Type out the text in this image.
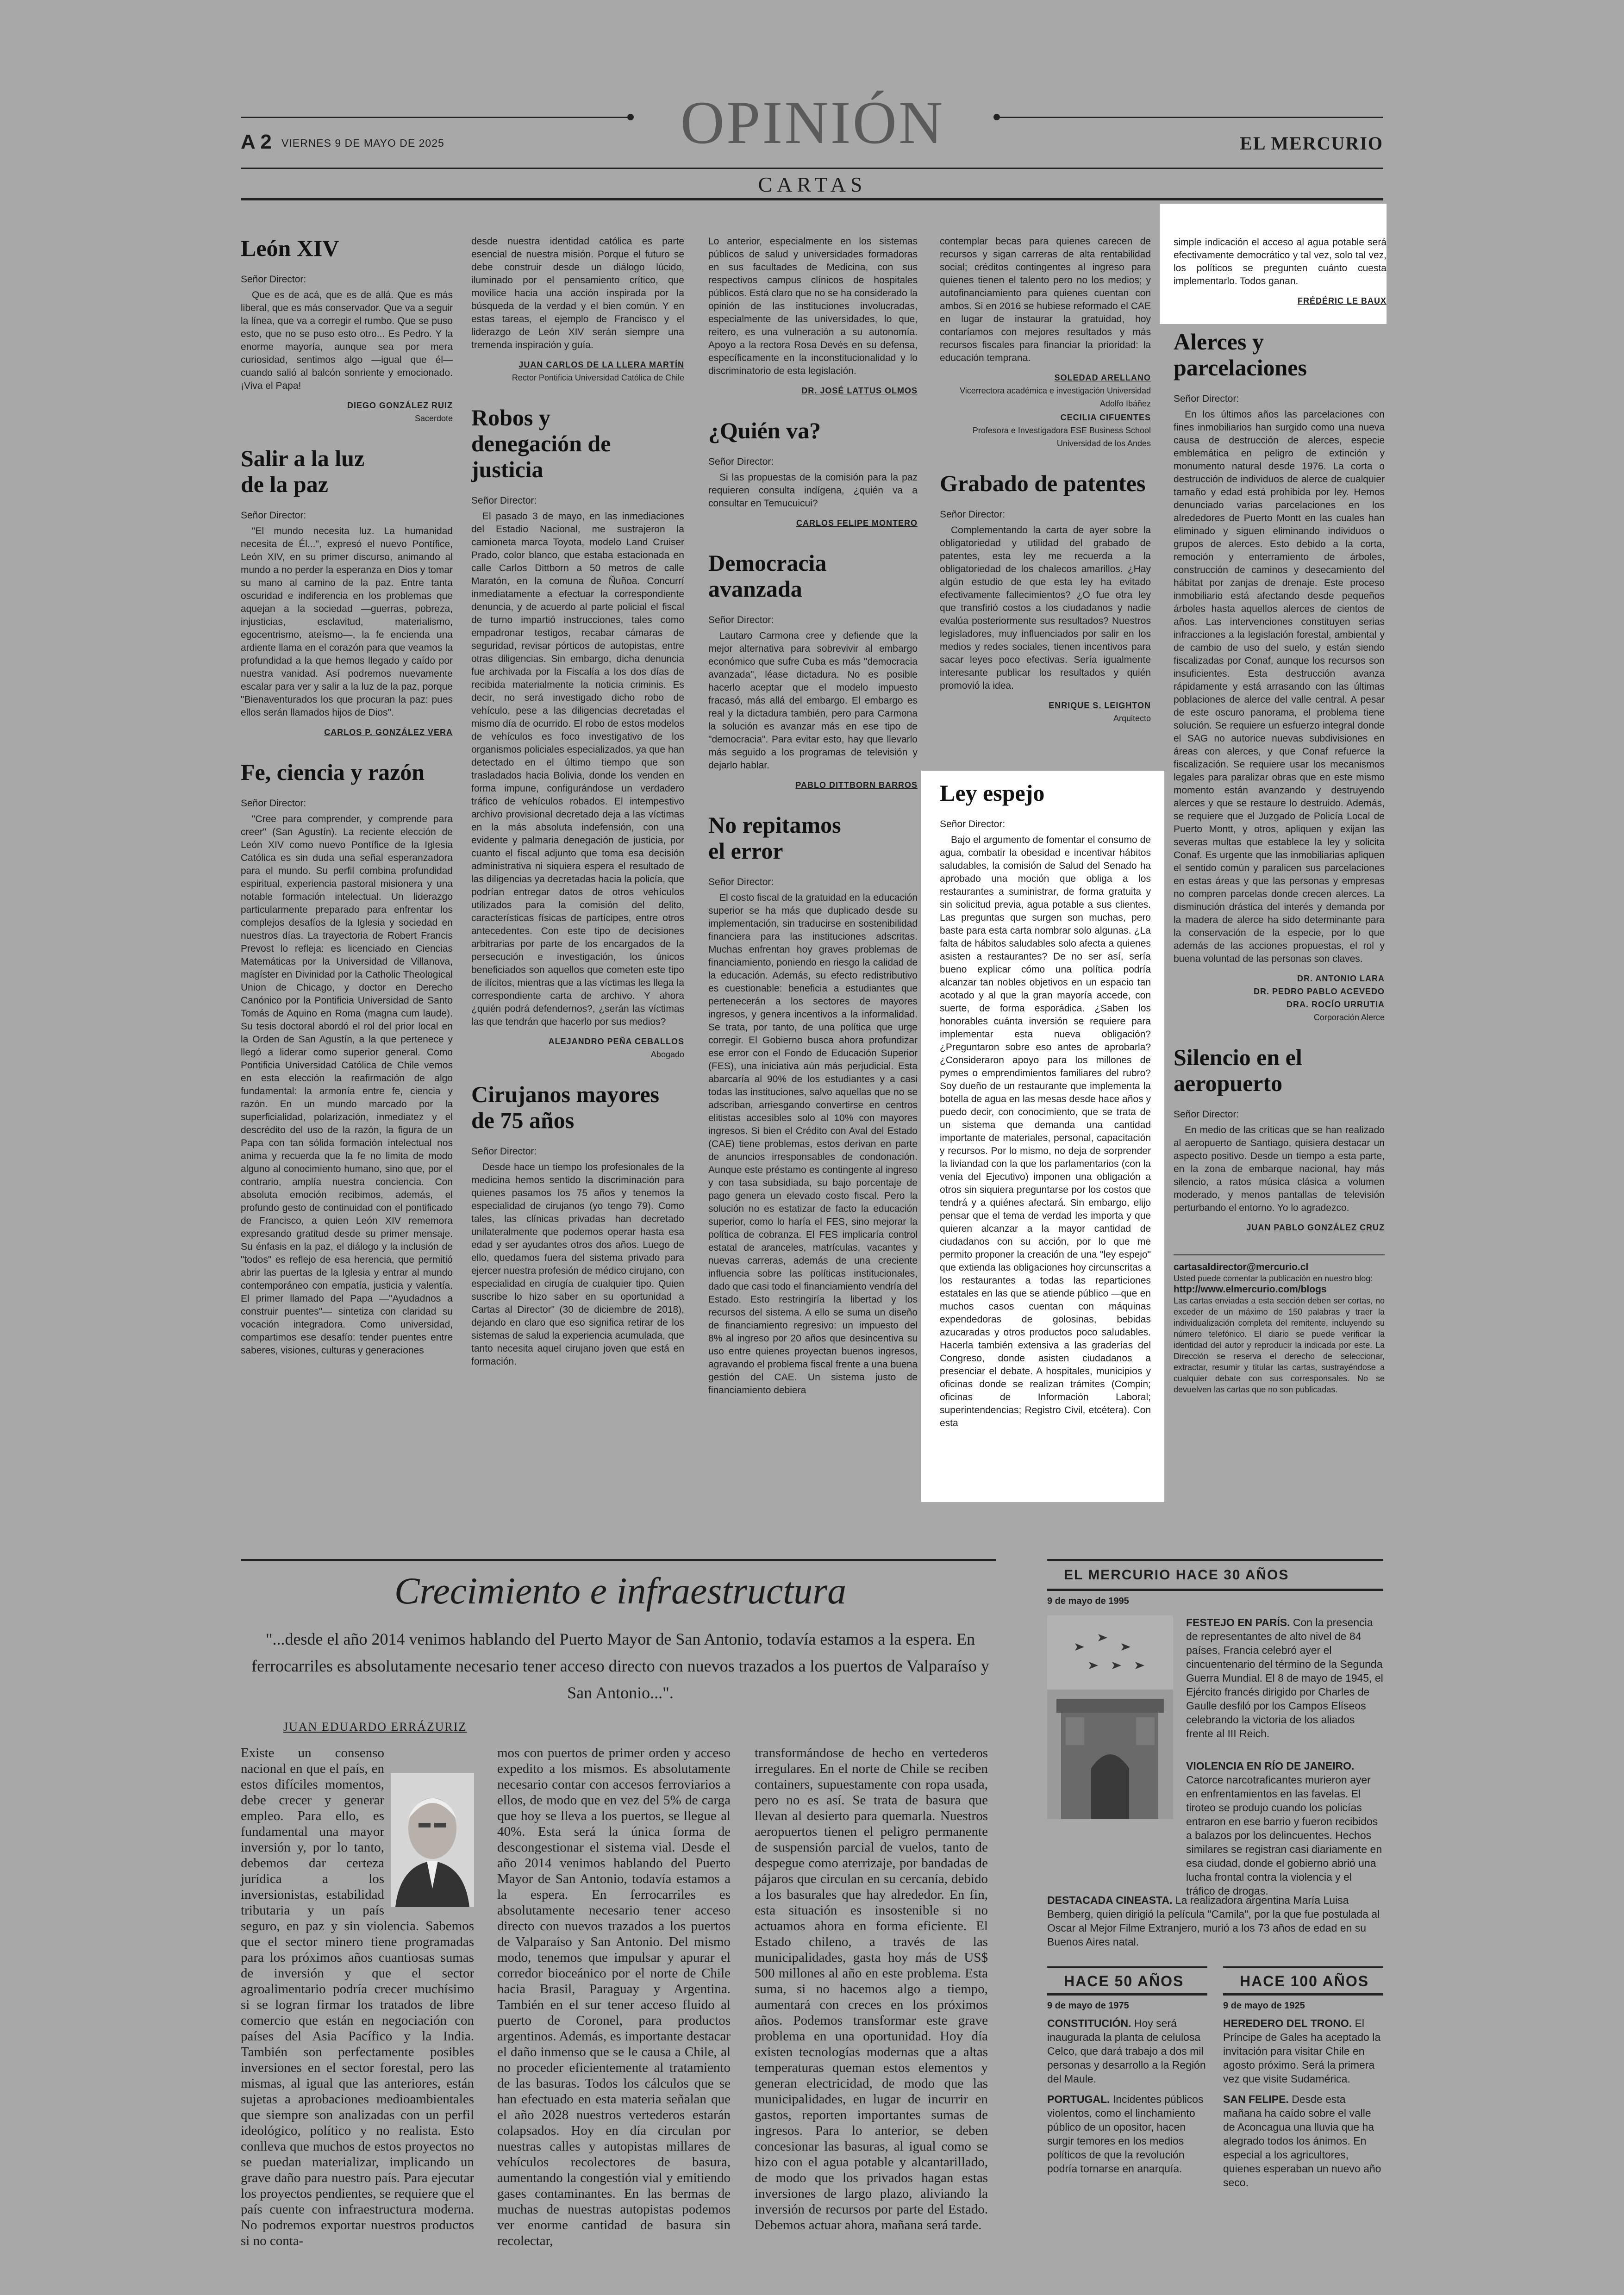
OPINIÓN
A 2 VIERNES 9 DE MAYO DE 2025	EL MERCURIO
CARTAS
León XIV

Señor Director:

Que es de acá, que es de allá. Que es más liberal, que es más conservador. Que va a seguir la línea, que va a corregir el rumbo. Que se puso esto, que no se puso esto otro... Es Pedro. Y la enorme mayoría, aunque sea por mera curiosidad, sentimos algo —igual que él— cuando salió al balcón sonriente y emocionado. ¡Viva el Papa!

DIEGO GONZÁLEZ RUIZ

Sacerdote

Salir a la luz de la paz

Señor Director:

"El mundo necesita luz. La humanidad necesita de Él...", expresó el nuevo Pontífice, León XIV, en su primer discurso, animando al mundo a no perder la esperanza en Dios y tomar su mano al camino de la paz. Entre tanta oscuridad e indiferencia en los problemas que aquejan a la sociedad —guerras, pobreza, injusticias, esclavitud, materialismo, egocentrismo, ateísmo—, la fe encienda una ardiente llama en el corazón para que veamos la profundidad a la que hemos llegado y caído por nuestra vanidad. Así podremos nuevamente escalar para ver y salir a la luz de la paz, porque "Bienaventurados los que procuran la paz: pues ellos serán llamados hijos de Dios".

CARLOS P. GONZÁLEZ VERA

Fe, ciencia y razón

Señor Director:

"Cree para comprender, y comprende para creer" (San Agustín). La reciente elección de León XIV como nuevo Pontífice de la Iglesia Católica es sin duda una señal esperanzadora para el mundo. Su perfil combina profundidad espiritual, experiencia pastoral misionera y una notable formación intelectual. Un liderazgo particularmente preparado para enfrentar los complejos desafíos de la Iglesia y sociedad en nuestros días. La trayectoria de Robert Francis Prevost lo refleja: es licenciado en Ciencias Matemáticas por la Universidad de Villanova, magíster en Divinidad por la Catholic Theological Union de Chicago, y doctor en Derecho Canónico por la Pontificia Universidad de Santo Tomás de Aquino en Roma (magna cum laude). Su tesis doctoral abordó el rol del prior local en la Orden de San Agustín, a la que pertenece y llegó a liderar como superior general. Como Pontificia Universidad Católica de Chile vemos en esta elección la reafirmación de algo fundamental: la armonía entre fe, ciencia y razón. En un mundo marcado por la superficialidad, polarización, inmediatez y el descrédito del uso de la razón, la figura de un Papa con tan sólida formación intelectual nos anima y recuerda que la fe no limita de modo alguno al conocimiento humano, sino que, por el contrario, amplía nuestra conciencia. Con absoluta emoción recibimos, además, el profundo gesto de continuidad con el pontificado de Francisco, a quien León XIV rememora expresando gratitud desde su primer mensaje. Su énfasis en la paz, el diálogo y la inclusión de "todos" es reflejo de esa herencia, que permitió abrir las puertas de la Iglesia y entrar al mundo contemporáneo con empatía, justicia y valentía. El primer llamado del Papa —"Ayudadnos a construir puentes"— sintetiza con claridad su vocación integradora. Como universidad, compartimos ese desafío: tender puentes entre saberes, visiones, culturas y generaciones

desde nuestra identidad católica es parte esencial de nuestra misión. Porque el futuro se debe construir desde un diálogo lúcido, iluminado por el pensamiento crítico, que movilice hacia una acción inspirada por la búsqueda de la verdad y el bien común. Y en estas tareas, el ejemplo de Francisco y el liderazgo de León XIV serán siempre una tremenda inspiración y guía.

JUAN CARLOS DE LA LLERA MARTÍN

Rector Pontificia Universidad Católica de Chile

Robos y denegación de justicia

Señor Director:

El pasado 3 de mayo, en las inmediaciones del Estadio Nacional, me sustrajeron la camioneta marca Toyota, modelo Land Cruiser Prado, color blanco, que estaba estacionada en calle Carlos Dittborn a 50 metros de calle Maratón, en la comuna de Ñuñoa. Concurrí inmediatamente a efectuar la correspondiente denuncia, y de acuerdo al parte policial el fiscal de turno impartió instrucciones, tales como empadronar testigos, recabar cámaras de seguridad, revisar pórticos de autopistas, entre otras diligencias. Sin embargo, dicha denuncia fue archivada por la Fiscalía a los dos días de recibida materialmente la noticia criminis. Es decir, no será investigado dicho robo de vehículo, pese a las diligencias decretadas el mismo día de ocurrido. El robo de estos modelos de vehículos es foco investigativo de los organismos policiales especializados, ya que han detectado en el último tiempo que son trasladados hacia Bolivia, donde los venden en forma impune, configurándose un verdadero tráfico de vehículos robados. El intempestivo archivo provisional decretado deja a las víctimas en la más absoluta indefensión, con una evidente y palmaria denegación de justicia, por cuanto el fiscal adjunto que toma esa decisión administrativa ni siquiera espera el resultado de las diligencias ya decretadas hacia la policía, que podrían entregar datos de otros vehículos utilizados para la comisión del delito, características físicas de partícipes, entre otros antecedentes. Con este tipo de decisiones arbitrarias por parte de los encargados de la persecución e investigación, los únicos beneficiados son aquellos que cometen este tipo de ilícitos, mientras que a las víctimas les llega la correspondiente carta de archivo. Y ahora ¿quién podrá defendernos?, ¿serán las víctimas las que tendrán que hacerlo por sus medios?

ALEJANDRO PEÑA CEBALLOS

Abogado

Cirujanos mayores de 75 años

Señor Director:

Desde hace un tiempo los profesionales de la medicina hemos sentido la discriminación para quienes pasamos los 75 años y tenemos la especialidad de cirujanos (yo tengo 79). Como tales, las clínicas privadas han decretado unilateralmente que podemos operar hasta esa edad y ser ayudantes otros dos años. Luego de ello, quedamos fuera del sistema privado para ejercer nuestra profesión de médico cirujano, con especialidad en cirugía de cualquier tipo. Quien suscribe lo hizo saber en su oportunidad a Cartas al Director" (30 de diciembre de 2018), dejando en claro que eso significa retirar de los sistemas de salud la experiencia acumulada, que tanto necesita aquel cirujano joven que está en formación.

Lo anterior, especialmente en los sistemas públicos de salud y universidades formadoras en sus facultades de Medicina, con sus respectivos campus clínicos de hospitales públicos. Está claro que no se ha considerado la opinión de las instituciones involucradas, especialmente de las universidades, lo que, reitero, es una vulneración a su autonomía. Apoyo a la rectora Rosa Devés en su defensa, específicamente en la inconstitucionalidad y lo discriminatorio de esta legislación.

DR. JOSÉ LATTUS OLMOS

¿Quién va?

Señor Director:

Si las propuestas de la comisión para la paz requieren consulta indígena, ¿quién va a consultar en Temucuicui?

CARLOS FELIPE MONTERO

Democracia avanzada

Señor Director:

Lautaro Carmona cree y defiende que la mejor alternativa para sobrevivir al embargo económico que sufre Cuba es más "democracia avanzada", léase dictadura. No es posible hacerlo aceptar que el modelo impuesto fracasó, más allá del embargo. El embargo es real y la dictadura también, pero para Carmona la solución es avanzar más en ese tipo de "democracia". Para evitar esto, hay que llevarlo más seguido a los programas de televisión y dejarlo hablar.

PABLO DITTBORN BARROS

No repitamos el error

Señor Director:

El costo fiscal de la gratuidad en la educación superior se ha más que duplicado desde su implementación, sin traducirse en sostenibilidad financiera para las instituciones adscritas. Muchas enfrentan hoy graves problemas de financiamiento, poniendo en riesgo la calidad de la educación. Además, su efecto redistributivo es cuestionable: beneficia a estudiantes que pertenecerán a los sectores de mayores ingresos, y genera incentivos a la informalidad. Se trata, por tanto, de una política que urge corregir. El Gobierno busca ahora profundizar ese error con el Fondo de Educación Superior (FES), una iniciativa aún más perjudicial. Esta abarcaría al 90% de los estudiantes y a casi todas las instituciones, salvo aquellas que no se adscriban, arriesgando convertirse en centros elitistas accesibles solo al 10% con mayores ingresos. Si bien el Crédito con Aval del Estado (CAE) tiene problemas, estos derivan en parte de anuncios irresponsables de condonación. Aunque este préstamo es contingente al ingreso y con tasa subsidiada, su bajo porcentaje de pago genera un elevado costo fiscal. Pero la solución no es estatizar de facto la educación superior, como lo haría el FES, sino mejorar la política de cobranza. El FES implicaría control estatal de aranceles, matrículas, vacantes y nuevas carreras, además de una creciente influencia sobre las políticas institucionales, dado que casi todo el financiamiento vendría del Estado. Esto restringiría la libertad y los recursos del sistema. A ello se suma un diseño de financiamiento regresivo: un impuesto del 8% al ingreso por 20 años que desincentiva su uso entre quienes proyectan buenos ingresos, agravando el problema fiscal frente a una buena gestión del CAE. Un sistema justo de financiamiento debiera

contemplar becas para quienes carecen de recursos y sigan carreras de alta rentabilidad social; créditos contingentes al ingreso para quienes tienen el talento pero no los medios; y autofinanciamiento para quienes cuentan con ambos. Si en 2016 se hubiese reformado el CAE en lugar de instaurar la gratuidad, hoy contaríamos con mejores resultados y más recursos fiscales para financiar la prioridad: la educación temprana.

SOLEDAD ARELLANO

Vicerrectora académica e investigación Universidad Adolfo Ibáñez

CECILIA CIFUENTES

Profesora e Investigadora ESE Business School Universidad de los Andes

Grabado de patentes

Señor Director:

Complementando la carta de ayer sobre la obligatoriedad y utilidad del grabado de patentes, esta ley me recuerda a la obligatoriedad de los chalecos amarillos. ¿Hay algún estudio de que esta ley ha evitado efectivamente fallecimientos? ¿O fue otra ley que transfirió costos a los ciudadanos y nadie evalúa posteriormente sus resultados? Nuestros legisladores, muy influenciados por salir en los medios y redes sociales, tienen incentivos para sacar leyes poco efectivas. Sería igualmente interesante publicar los resultados y quién promovió la idea.

ENRIQUE S. LEIGHTON

Arquitecto

Ley espejo

Señor Director:

Bajo el argumento de fomentar el consumo de agua, combatir la obesidad e incentivar hábitos saludables, la comisión de Salud del Senado ha aprobado una moción que obliga a los restaurantes a suministrar, de forma gratuita y sin solicitud previa, agua potable a sus clientes. Las preguntas que surgen son muchas, pero baste para esta carta nombrar solo algunas. ¿La falta de hábitos saludables solo afecta a quienes asisten a restaurantes? De no ser así, sería bueno explicar cómo una política podría alcanzar tan nobles objetivos en un espacio tan acotado y al que la gran mayoría accede, con suerte, de forma esporádica. ¿Saben los honorables cuánta inversión se requiere para implementar esta nueva obligación? ¿Preguntaron sobre eso antes de aprobarla? ¿Consideraron apoyo para los millones de pymes o emprendimientos familiares del rubro? Soy dueño de un restaurante que implementa la botella de agua en las mesas desde hace años y puedo decir, con conocimiento, que se trata de un sistema que demanda una cantidad importante de materiales, personal, capacitación y recursos. Por lo mismo, no deja de sorprender la liviandad con la que los parlamentarios (con la venia del Ejecutivo) imponen una obligación a otros sin siquiera preguntarse por los costos que tendrá y a quiénes afectará. Sin embargo, elijo pensar que el tema de verdad les importa y que quieren alcanzar a la mayor cantidad de ciudadanos con su acción, por lo que me permito proponer la creación de una "ley espejo" que extienda las obligaciones hoy circunscritas a los restaurantes a todas las reparticiones estatales en las que se atiende público —que en muchos casos cuentan con máquinas expendedoras de golosinas, bebidas azucaradas y otros productos poco saludables. Hacerla también extensiva a las graderías del Congreso, donde asisten ciudadanos a presenciar el debate. A hospitales, municipios y oficinas donde se realizan trámites (Compin; oficinas de Información Laboral; superintendencias; Registro Civil, etcétera). Con esta

simple indicación el acceso al agua potable será efectivamente democrático y tal vez, solo tal vez, los políticos se pregunten cuánto cuesta implementarlo. Todos ganan.

FRÉDÉRIC LE BAUX

Alerces y parcelaciones

Señor Director:

En los últimos años las parcelaciones con fines inmobiliarios han surgido como una nueva causa de destrucción de alerces, especie emblemática en peligro de extinción y monumento natural desde 1976. La corta o destrucción de individuos de alerce de cualquier tamaño y edad está prohibida por ley. Hemos denunciado varias parcelaciones en los alrededores de Puerto Montt en las cuales han eliminado y siguen eliminando individuos o grupos de alerces. Esto debido a la corta, remoción y enterramiento de árboles, construcción de caminos y desecamiento del hábitat por zanjas de drenaje. Este proceso inmobiliario está afectando desde pequeños árboles hasta aquellos alerces de cientos de años. Las intervenciones constituyen serias infracciones a la legislación forestal, ambiental y de cambio de uso del suelo, y están siendo fiscalizadas por Conaf, aunque los recursos son insuficientes. Esta destrucción avanza rápidamente y está arrasando con las últimas poblaciones de alerce del valle central. A pesar de este oscuro panorama, el problema tiene solución. Se requiere un esfuerzo integral donde el SAG no autorice nuevas subdivisiones en áreas con alerces, y que Conaf refuerce la fiscalización. Se requiere usar los mecanismos legales para paralizar obras que en este mismo momento están avanzando y destruyendo alerces y que se restaure lo destruido. Además, se requiere que el Juzgado de Policía Local de Puerto Montt, y otros, apliquen y exijan las severas multas que establece la ley y solicita Conaf. Es urgente que las inmobiliarias apliquen el sentido común y paralicen sus parcelaciones en estas áreas y que las personas y empresas no compren parcelas donde crecen alerces. La disminución drástica del interés y demanda por la madera de alerce ha sido determinante para la conservación de la especie, por lo que además de las acciones propuestas, el rol y buena voluntad de las personas son claves.

DR. ANTONIO LARA

DR. PEDRO PABLO ACEVEDO

DRA. ROCÍO URRUTIA

Corporación Alerce

Silencio en el aeropuerto

Señor Director:

En medio de las críticas que se han realizado al aeropuerto de Santiago, quisiera destacar un aspecto positivo. Desde un tiempo a esta parte, en la zona de embarque nacional, hay más silencio, a ratos música clásica a volumen moderado, y menos pantallas de televisión perturbando el entorno. Yo lo agradezco.

JUAN PABLO GONZÁLEZ CRUZ

cartasaldirector@mercurio.cl
Usted puede comentar la publicación en nuestro blog:
http://www.elmercurio.com/blogs
Las cartas enviadas a esta sección deben ser cortas, no exceder de un máximo de 150 palabras y traer la individualización completa del remitente, incluyendo su número telefónico. El diario se puede verificar la identidad del autor y reproducir la indicada por este. La Dirección se reserva el derecho de seleccionar, extractar, resumir y titular las cartas, sustrayéndose a cualquier debate con sus corresponsales. No se devuelven las cartas que no son publicadas.
Crecimiento e infraestructura
"...desde el año 2014 venimos hablando del Puerto Mayor de San Antonio, todavía estamos a la espera. En ferrocarriles es absolutamente necesario tener acceso directo con nuevos trazados a los puertos de Valparaíso y San Antonio...".
JUAN EDUARDO ERRÁZURIZ
Existe un consenso nacional en que el país, en estos difíciles momentos, debe crecer y generar empleo. Para ello, es fundamental una mayor inversión y, por lo tanto, debemos dar certeza jurídica a los inversionistas, estabilidad tributaria y un país seguro, en paz y sin violencia. Sabemos que el sector minero tiene programadas para los próximos años cuantiosas sumas de inversión y que el sector agroalimentario podría crecer muchísimo si se logran firmar los tratados de libre comercio que están en negociación con países del Asia Pacífico y la India. También son perfectamente posibles inversiones en el sector forestal, pero las mismas, al igual que las anteriores, están sujetas a aprobaciones medioambientales que siempre son analizadas con un perfil ideológico, político y no realista. Esto conlleva que muchos de estos proyectos no se puedan materializar, implicando un grave daño para nuestro país. Para ejecutar los proyectos pendientes, se requiere que el país cuente con infraestructura moderna. No podremos exportar nuestros productos si no conta-
mos con puertos de primer orden y acceso expedito a los mismos. Es absolutamente necesario contar con accesos ferroviarios a ellos, de modo que en vez del 5% de carga que hoy se lleva a los puertos, se llegue al 40%. Esta será la única forma de descongestionar el sistema vial. Desde el año 2014 venimos hablando del Puerto Mayor de San Antonio, todavía estamos a la espera. En ferrocarriles es absolutamente necesario tener acceso directo con nuevos trazados a los puertos de Valparaíso y San Antonio. Del mismo modo, tenemos que impulsar y apurar el corredor bioceánico por el norte de Chile hacia Brasil, Paraguay y Argentina. También en el sur tener acceso fluido al puerto de Coronel, para productos argentinos. Además, es importante destacar el daño inmenso que se le causa a Chile, al no proceder eficientemente al tratamiento de las basuras. Todos los cálculos que se han efectuado en esta materia señalan que el año 2028 nuestros vertederos estarán colapsados. Hoy en día circulan por nuestras calles y autopistas millares de vehículos recolectores de basura, aumentando la congestión vial y emitiendo gases contaminantes. En las bermas de muchas de nuestras autopistas podemos ver enorme cantidad de basura sin recolectar,
transformándose de hecho en vertederos irregulares. En el norte de Chile se reciben containers, supuestamente con ropa usada, pero no es así. Se trata de basura que llevan al desierto para quemarla. Nuestros aeropuertos tienen el peligro permanente de suspensión parcial de vuelos, tanto de despegue como aterrizaje, por bandadas de pájaros que circulan en su cercanía, debido a los basurales que hay alrededor. En fin, esta situación es insostenible si no actuamos ahora en forma eficiente. El Estado chileno, a través de las municipalidades, gasta hoy más de US$ 500 millones al año en este problema. Esta suma, si no hacemos algo a tiempo, aumentará con creces en los próximos años. Podemos transformar este grave problema en una oportunidad. Hoy día existen tecnologías modernas que a altas temperaturas queman estos elementos y generan electricidad, de modo que las municipalidades, en lugar de incurrir en gastos, reporten importantes sumas de ingresos. Para lo anterior, se deben concesionar las basuras, al igual como se hizo con el agua potable y alcantarillado, de modo que los privados hagan estas inversiones de largo plazo, aliviando la inversión de recursos por parte del Estado. Debemos actuar ahora, mañana será tarde.
EL MERCURIO HACE 30 AÑOS
9 de mayo de 1995
FESTEJO EN PARÍS. Con la presencia de representantes de alto nivel de 84 países, Francia celebró ayer el cincuentenario del término de la Segunda Guerra Mundial. El 8 de mayo de 1945, el Ejército francés dirigido por Charles de Gaulle desfiló por los Campos Elíseos celebrando la victoria de los aliados frente al III Reich.
VIOLENCIA EN RÍO DE JANEIRO. Catorce narcotraficantes murieron ayer en enfrentamientos en las favelas. El tiroteo se produjo cuando los policías entraron en ese barrio y fueron recibidos a balazos por los delincuentes. Hechos similares se registran casi diariamente en esa ciudad, donde el gobierno abrió una lucha frontal contra la violencia y el tráfico de drogas.
DESTACADA CINEASTA. La realizadora argentina María Luisa Bemberg, quien dirigió la película "Camila", por la que fue postulada al Oscar al Mejor Filme Extranjero, murió a los 73 años de edad en su Buenos Aires natal.
HACE 50 AÑOS
9 de mayo de 1975
CONSTITUCIÓN. Hoy será inaugurada la planta de celulosa Celco, que dará trabajo a dos mil personas y desarrollo a la Región del Maule.
PORTUGAL. Incidentes públicos violentos, como el linchamiento público de un opositor, hacen surgir temores en los medios políticos de que la revolución podría tornarse en anarquía.
HACE 100 AÑOS
9 de mayo de 1925
HEREDERO DEL TRONO. El Príncipe de Gales ha aceptado la invitación para visitar Chile en agosto próximo. Será la primera vez que visite Sudamérica.
SAN FELIPE. Desde esta mañana ha caído sobre el valle de Aconcagua una lluvia que ha alegrado todos los ánimos. En especial a los agricultores, quienes esperaban un nuevo año seco.
